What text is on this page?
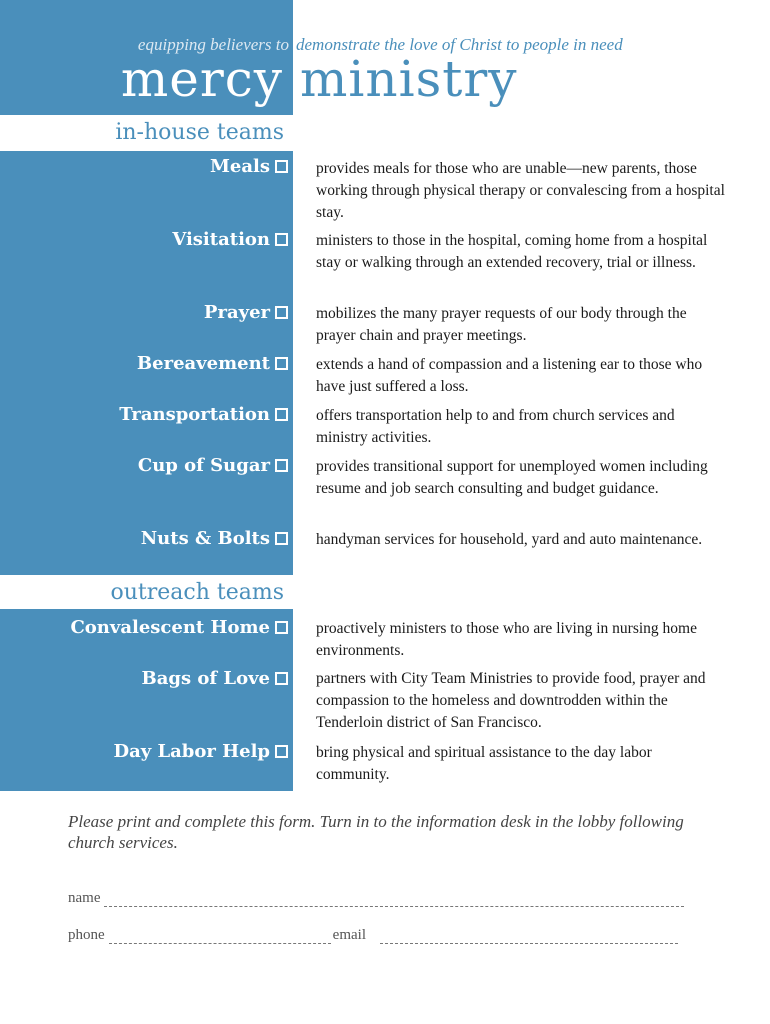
equipping believers to demonstrate the love of Christ to people in need
mercy ministry
in-house teams
Meals	provides meals for those who are unable—new parents, those working through physical therapy or convalescing from a hospital stay.
Visitation	ministers to those in the hospital, coming home from a hospital stay or walking through an extended recovery, trial or illness.
Prayer	mobilizes the many prayer requests of our body through the prayer chain and prayer meetings.
Bereavement	extends a hand of compassion and a listening ear to those who have just suffered a loss.
Transportation	offers transportation help to and from church services and ministry activities.
Cup of Sugar	provides transitional support for unemployed women including resume and job search consulting and budget guidance.
Nuts & Bolts	handyman services for household, yard and auto maintenance.
outreach teams
Convalescent Home	proactively ministers to those who are living in nursing home environments.
Bags of Love	partners with City Team Ministries to provide food, prayer and compassion to the homeless and downtrodden within the Tenderloin district of San Francisco.
Day Labor Help	bring physical and spiritual assistance to the day labor community.
Please print and complete this form. Turn in to the information desk in the lobby following church services.
name
phone	email
